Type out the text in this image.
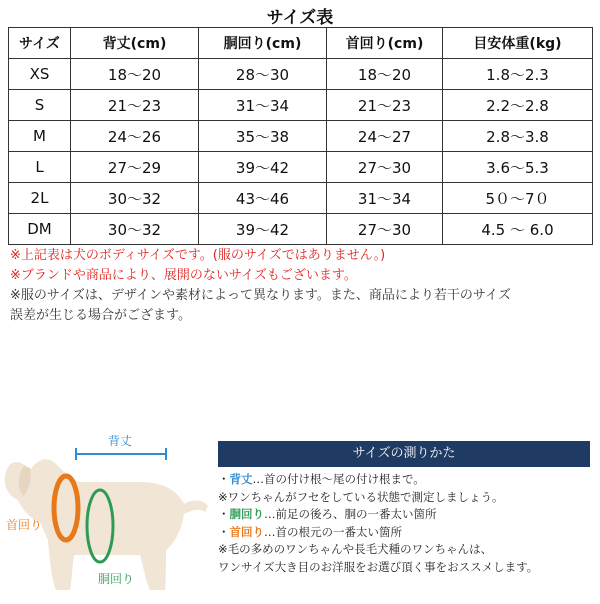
サイズ表
サイズ	背丈(cm)	胴回り(cm)	首回り(cm)	目安体重(kg)
XS	18〜20	28〜30	18〜20	1.8〜2.3
S	21〜23	31〜34	21〜23	2.2〜2.8
M	24〜26	35〜38	24〜27	2.8〜3.8
L	27〜29	39〜42	27〜30	3.6〜5.3
2L	30〜32	43〜46	31〜34	5０〜7０
DM	30〜32	39〜42	27〜30	4.5 〜 6.0
※上記表は犬のボディサイズです。(服のサイズではありません。)
※ブランドや商品により、展開のないサイズもございます。
※服のサイズは、デザインや素材によって異なります。また、商品により若干のサイズ
誤差が生じる場合がござます。
背丈
首回り
胴回り
サイズの測りかた
・背丈…首の付け根〜尾の付け根まで。
※ワンちゃんがフセをしている状態で測定しましょう。
・胴回り…前足の後ろ、胴の一番太い箇所
・首回り…首の根元の一番太い箇所
※毛の多めのワンちゃんや長毛犬種のワンちゃんは、
ワンサイズ大き目のお洋服をお選び頂く事をおススメします。
